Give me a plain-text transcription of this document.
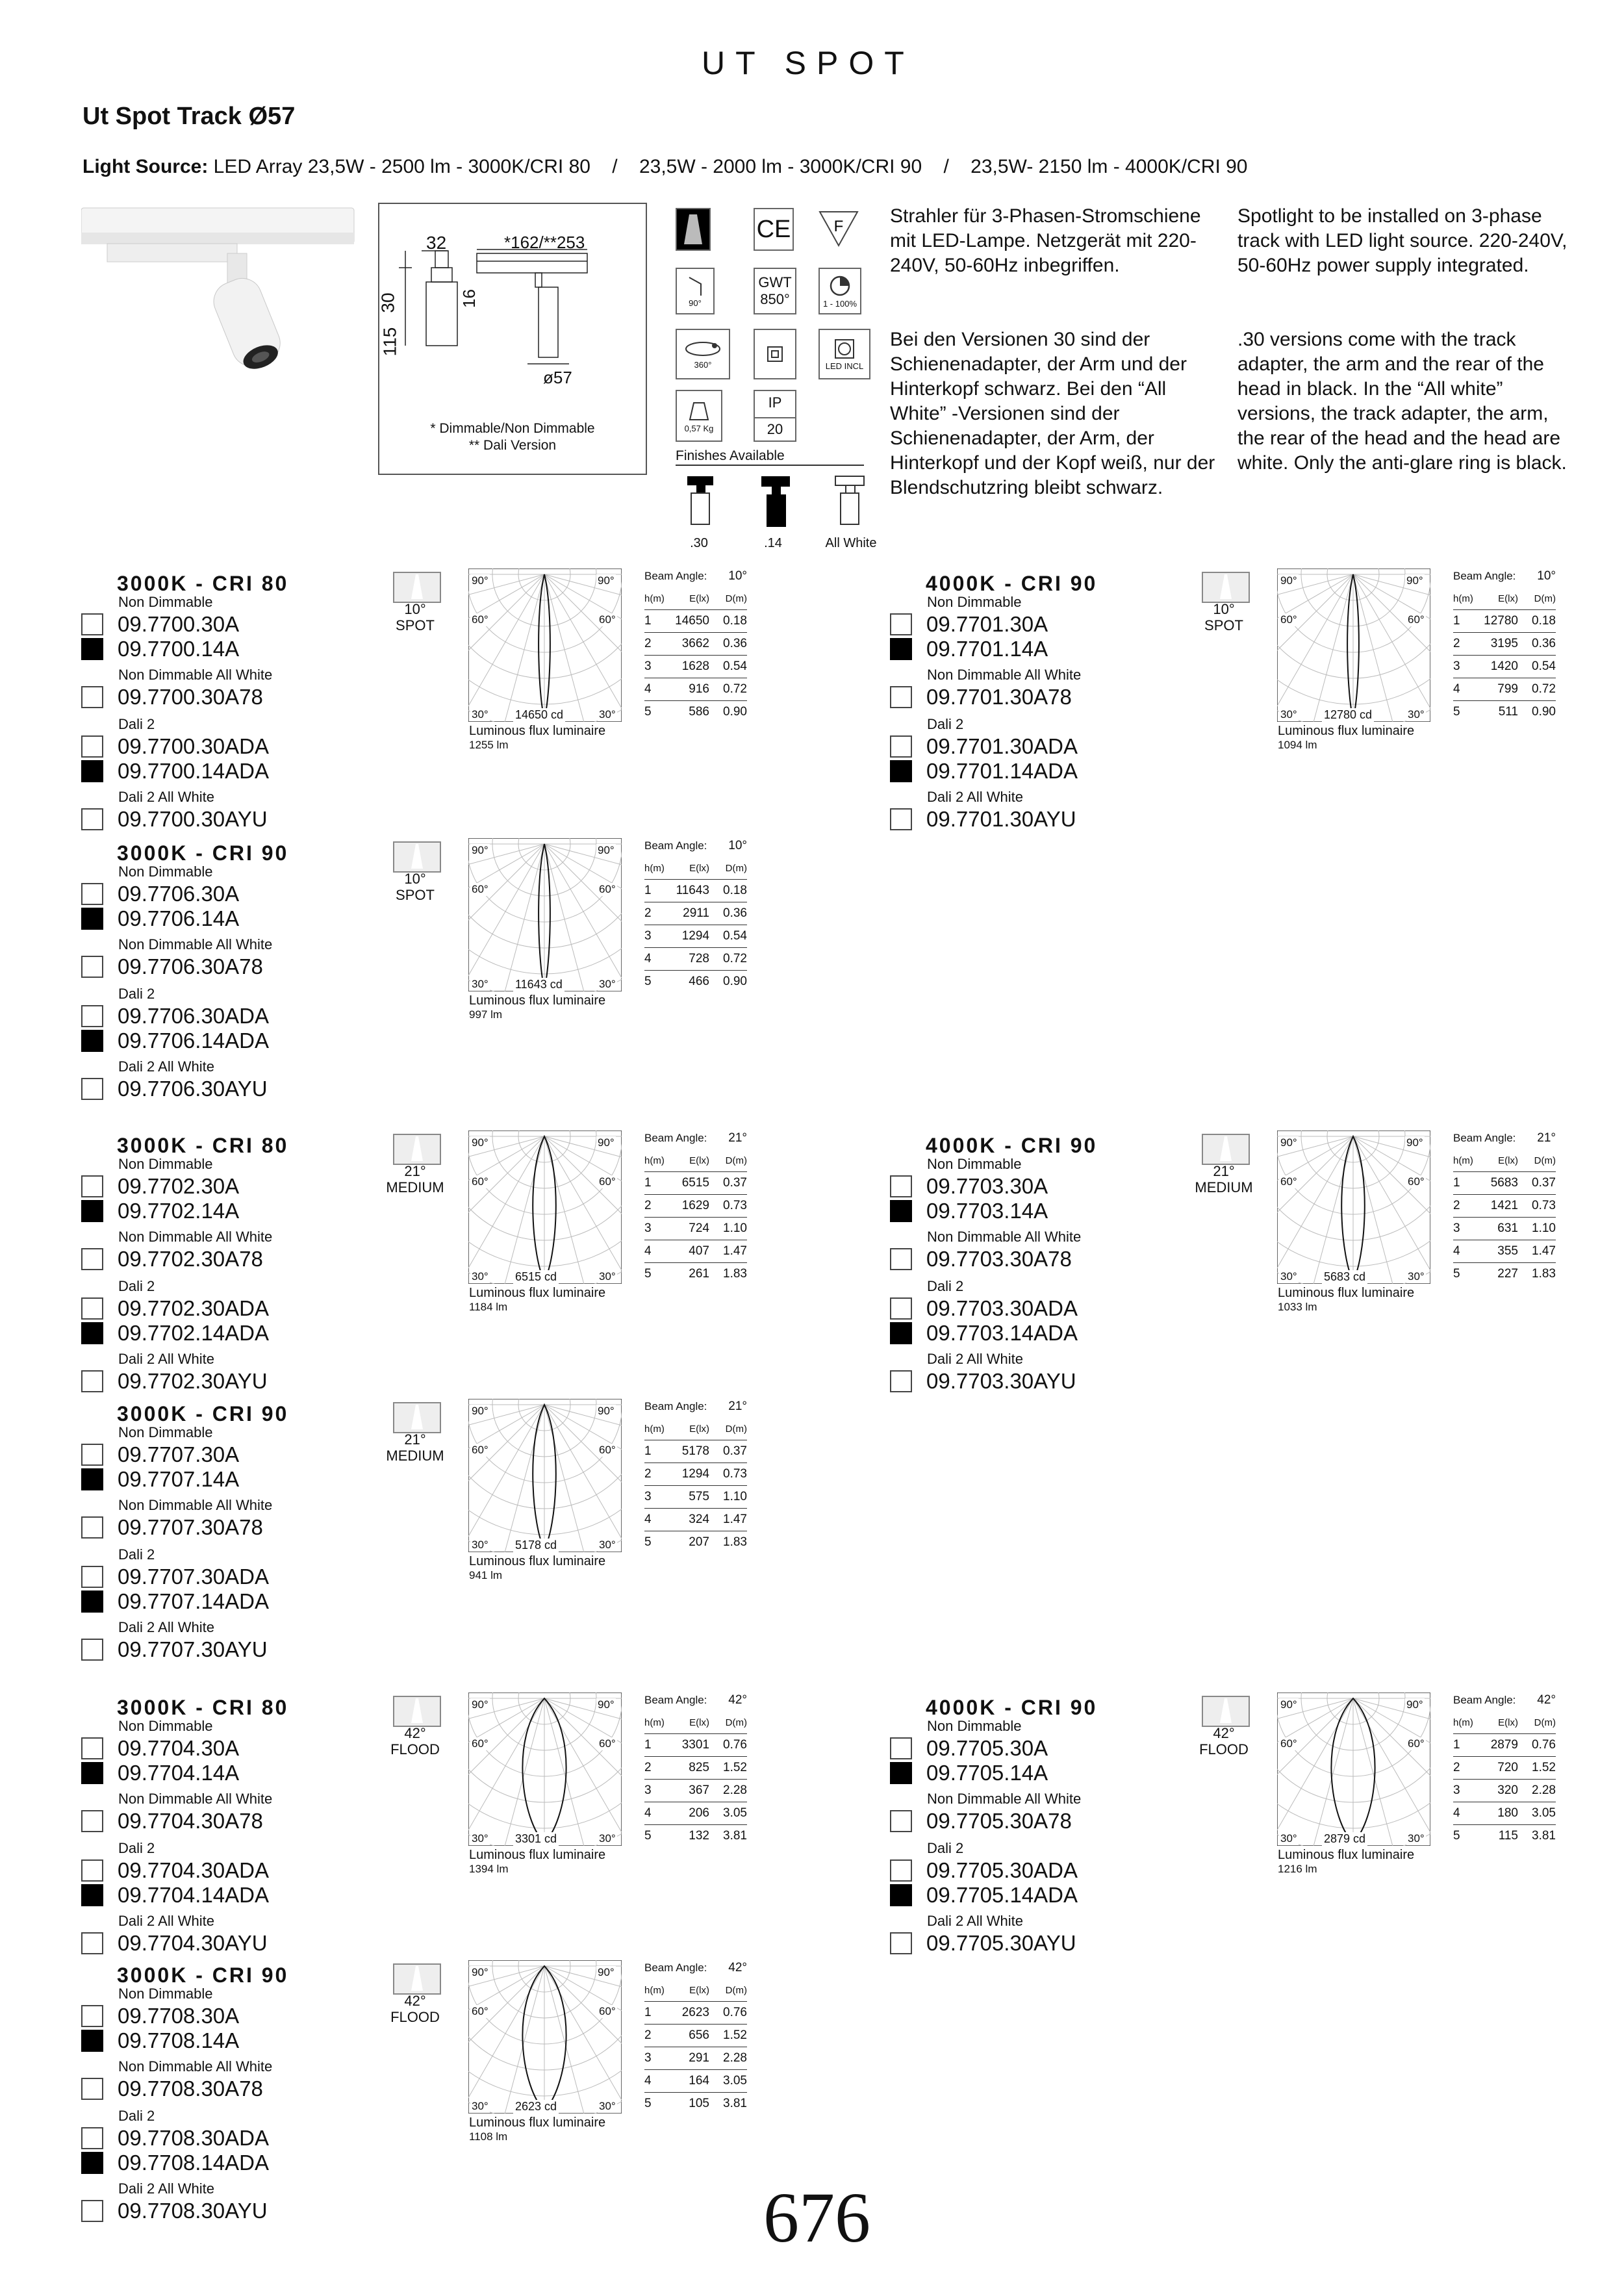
UT SPOT
Ut Spot Track Ø57
Light Source: LED Array 23,5W - 2500 lm - 3000K/CRI 80    /    23,5W - 2000 lm - 3000K/CRI 90    /    23,5W- 2150 lm - 4000K/CRI 90
32	*162/**253
30
115
16
ø57
* Dimmable/Non Dimmable
** Dali Version
CE	F
90°
GWT
850°	1 - 100%
360°	LED INCL
0,57 Kg
IP
20
Finishes Available
.30	.14	All White
Strahler für 3-Phasen-Stromschiene mit LED-Lampe. Netzgerät mit 220-240V, 50-60Hz inbegriffen.
Bei den Versionen 30 sind der Schienenadapter, der Arm und der Hinterkopf schwarz. Bei den “All White” -Versionen sind der Schienenadapter, der Arm, der Hinterkopf und der Kopf weiß, nur der Blendschutzring bleibt schwarz.
Spotlight to be installed on 3-phase track with LED light source. 220-240V, 50-60Hz power supply integrated.
.30 versions come with the track adapter, the arm and the rear of the head in black. In the “All white” versions, the track adapter, the arm, the rear of the head and the head are white. Only the anti-glare ring is black.
3000K - CRI 80
Non Dimmable
09.7700.30A
09.7700.14A
Non Dimmable All White
09.7700.30A78
Dali 2
09.7700.30ADA
09.7700.14ADA
Dali 2 All White
09.7700.30AYU
10°
SPOT
90°	90°
60°	60°
30°	30°
14650 cd
Luminous flux luminaire
1255 lm
Beam Angle: 10°
h(m)	E(lx)	D(m)
1	14650	0.18
2	3662	0.36
3	1628	0.54
4	916	0.72
5	586	0.90
3000K - CRI 90
Non Dimmable
09.7706.30A
09.7706.14A
Non Dimmable All White
09.7706.30A78
Dali 2
09.7706.30ADA
09.7706.14ADA
Dali 2 All White
09.7706.30AYU
10°
SPOT
90°	90°
60°	60°
30°	30°
11643 cd
Luminous flux luminaire
997 lm
Beam Angle: 10°
h(m)	E(lx)	D(m)
1	11643	0.18
2	2911	0.36
3	1294	0.54
4	728	0.72
5	466	0.90
4000K - CRI 90
Non Dimmable
09.7701.30A
09.7701.14A
Non Dimmable All White
09.7701.30A78
Dali 2
09.7701.30ADA
09.7701.14ADA
Dali 2 All White
09.7701.30AYU
10°
SPOT
90°	90°
60°	60°
30°	30°
12780 cd
Luminous flux luminaire
1094 lm
Beam Angle: 10°
h(m)	E(lx)	D(m)
1	12780	0.18
2	3195	0.36
3	1420	0.54
4	799	0.72
5	511	0.90
3000K - CRI 80
Non Dimmable
09.7702.30A
09.7702.14A
Non Dimmable All White
09.7702.30A78
Dali 2
09.7702.30ADA
09.7702.14ADA
Dali 2 All White
09.7702.30AYU
21°
MEDIUM
90°	90°
60°	60°
30°	30°
6515 cd
Luminous flux luminaire
1184 lm
Beam Angle: 21°
h(m)	E(lx)	D(m)
1	6515	0.37
2	1629	0.73
3	724	1.10
4	407	1.47
5	261	1.83
3000K - CRI 90
Non Dimmable
09.7707.30A
09.7707.14A
Non Dimmable All White
09.7707.30A78
Dali 2
09.7707.30ADA
09.7707.14ADA
Dali 2 All White
09.7707.30AYU
21°
MEDIUM
90°	90°
60°	60°
30°	30°
5178 cd
Luminous flux luminaire
941 lm
Beam Angle: 21°
h(m)	E(lx)	D(m)
1	5178	0.37
2	1294	0.73
3	575	1.10
4	324	1.47
5	207	1.83
4000K - CRI 90
Non Dimmable
09.7703.30A
09.7703.14A
Non Dimmable All White
09.7703.30A78
Dali 2
09.7703.30ADA
09.7703.14ADA
Dali 2 All White
09.7703.30AYU
21°
MEDIUM
90°	90°
60°	60°
30°	30°
5683 cd
Luminous flux luminaire
1033 lm
Beam Angle: 21°
h(m)	E(lx)	D(m)
1	5683	0.37
2	1421	0.73
3	631	1.10
4	355	1.47
5	227	1.83
3000K - CRI 80
Non Dimmable
09.7704.30A
09.7704.14A
Non Dimmable All White
09.7704.30A78
Dali 2
09.7704.30ADA
09.7704.14ADA
Dali 2 All White
09.7704.30AYU
42°
FLOOD
90°	90°
60°	60°
30°	30°
3301 cd
Luminous flux luminaire
1394 lm
Beam Angle: 42°
h(m)	E(lx)	D(m)
1	3301	0.76
2	825	1.52
3	367	2.28
4	206	3.05
5	132	3.81
3000K - CRI 90
Non Dimmable
09.7708.30A
09.7708.14A
Non Dimmable All White
09.7708.30A78
Dali 2
09.7708.30ADA
09.7708.14ADA
Dali 2 All White
09.7708.30AYU
42°
FLOOD
90°	90°
60°	60°
30°	30°
2623 cd
Luminous flux luminaire
1108 lm
Beam Angle: 42°
h(m)	E(lx)	D(m)
1	2623	0.76
2	656	1.52
3	291	2.28
4	164	3.05
5	105	3.81
4000K - CRI 90
Non Dimmable
09.7705.30A
09.7705.14A
Non Dimmable All White
09.7705.30A78
Dali 2
09.7705.30ADA
09.7705.14ADA
Dali 2 All White
09.7705.30AYU
42°
FLOOD
90°	90°
60°	60°
30°	30°
2879 cd
Luminous flux luminaire
1216 lm
Beam Angle: 42°
h(m)	E(lx)	D(m)
1	2879	0.76
2	720	1.52
3	320	2.28
4	180	3.05
5	115	3.81
676
